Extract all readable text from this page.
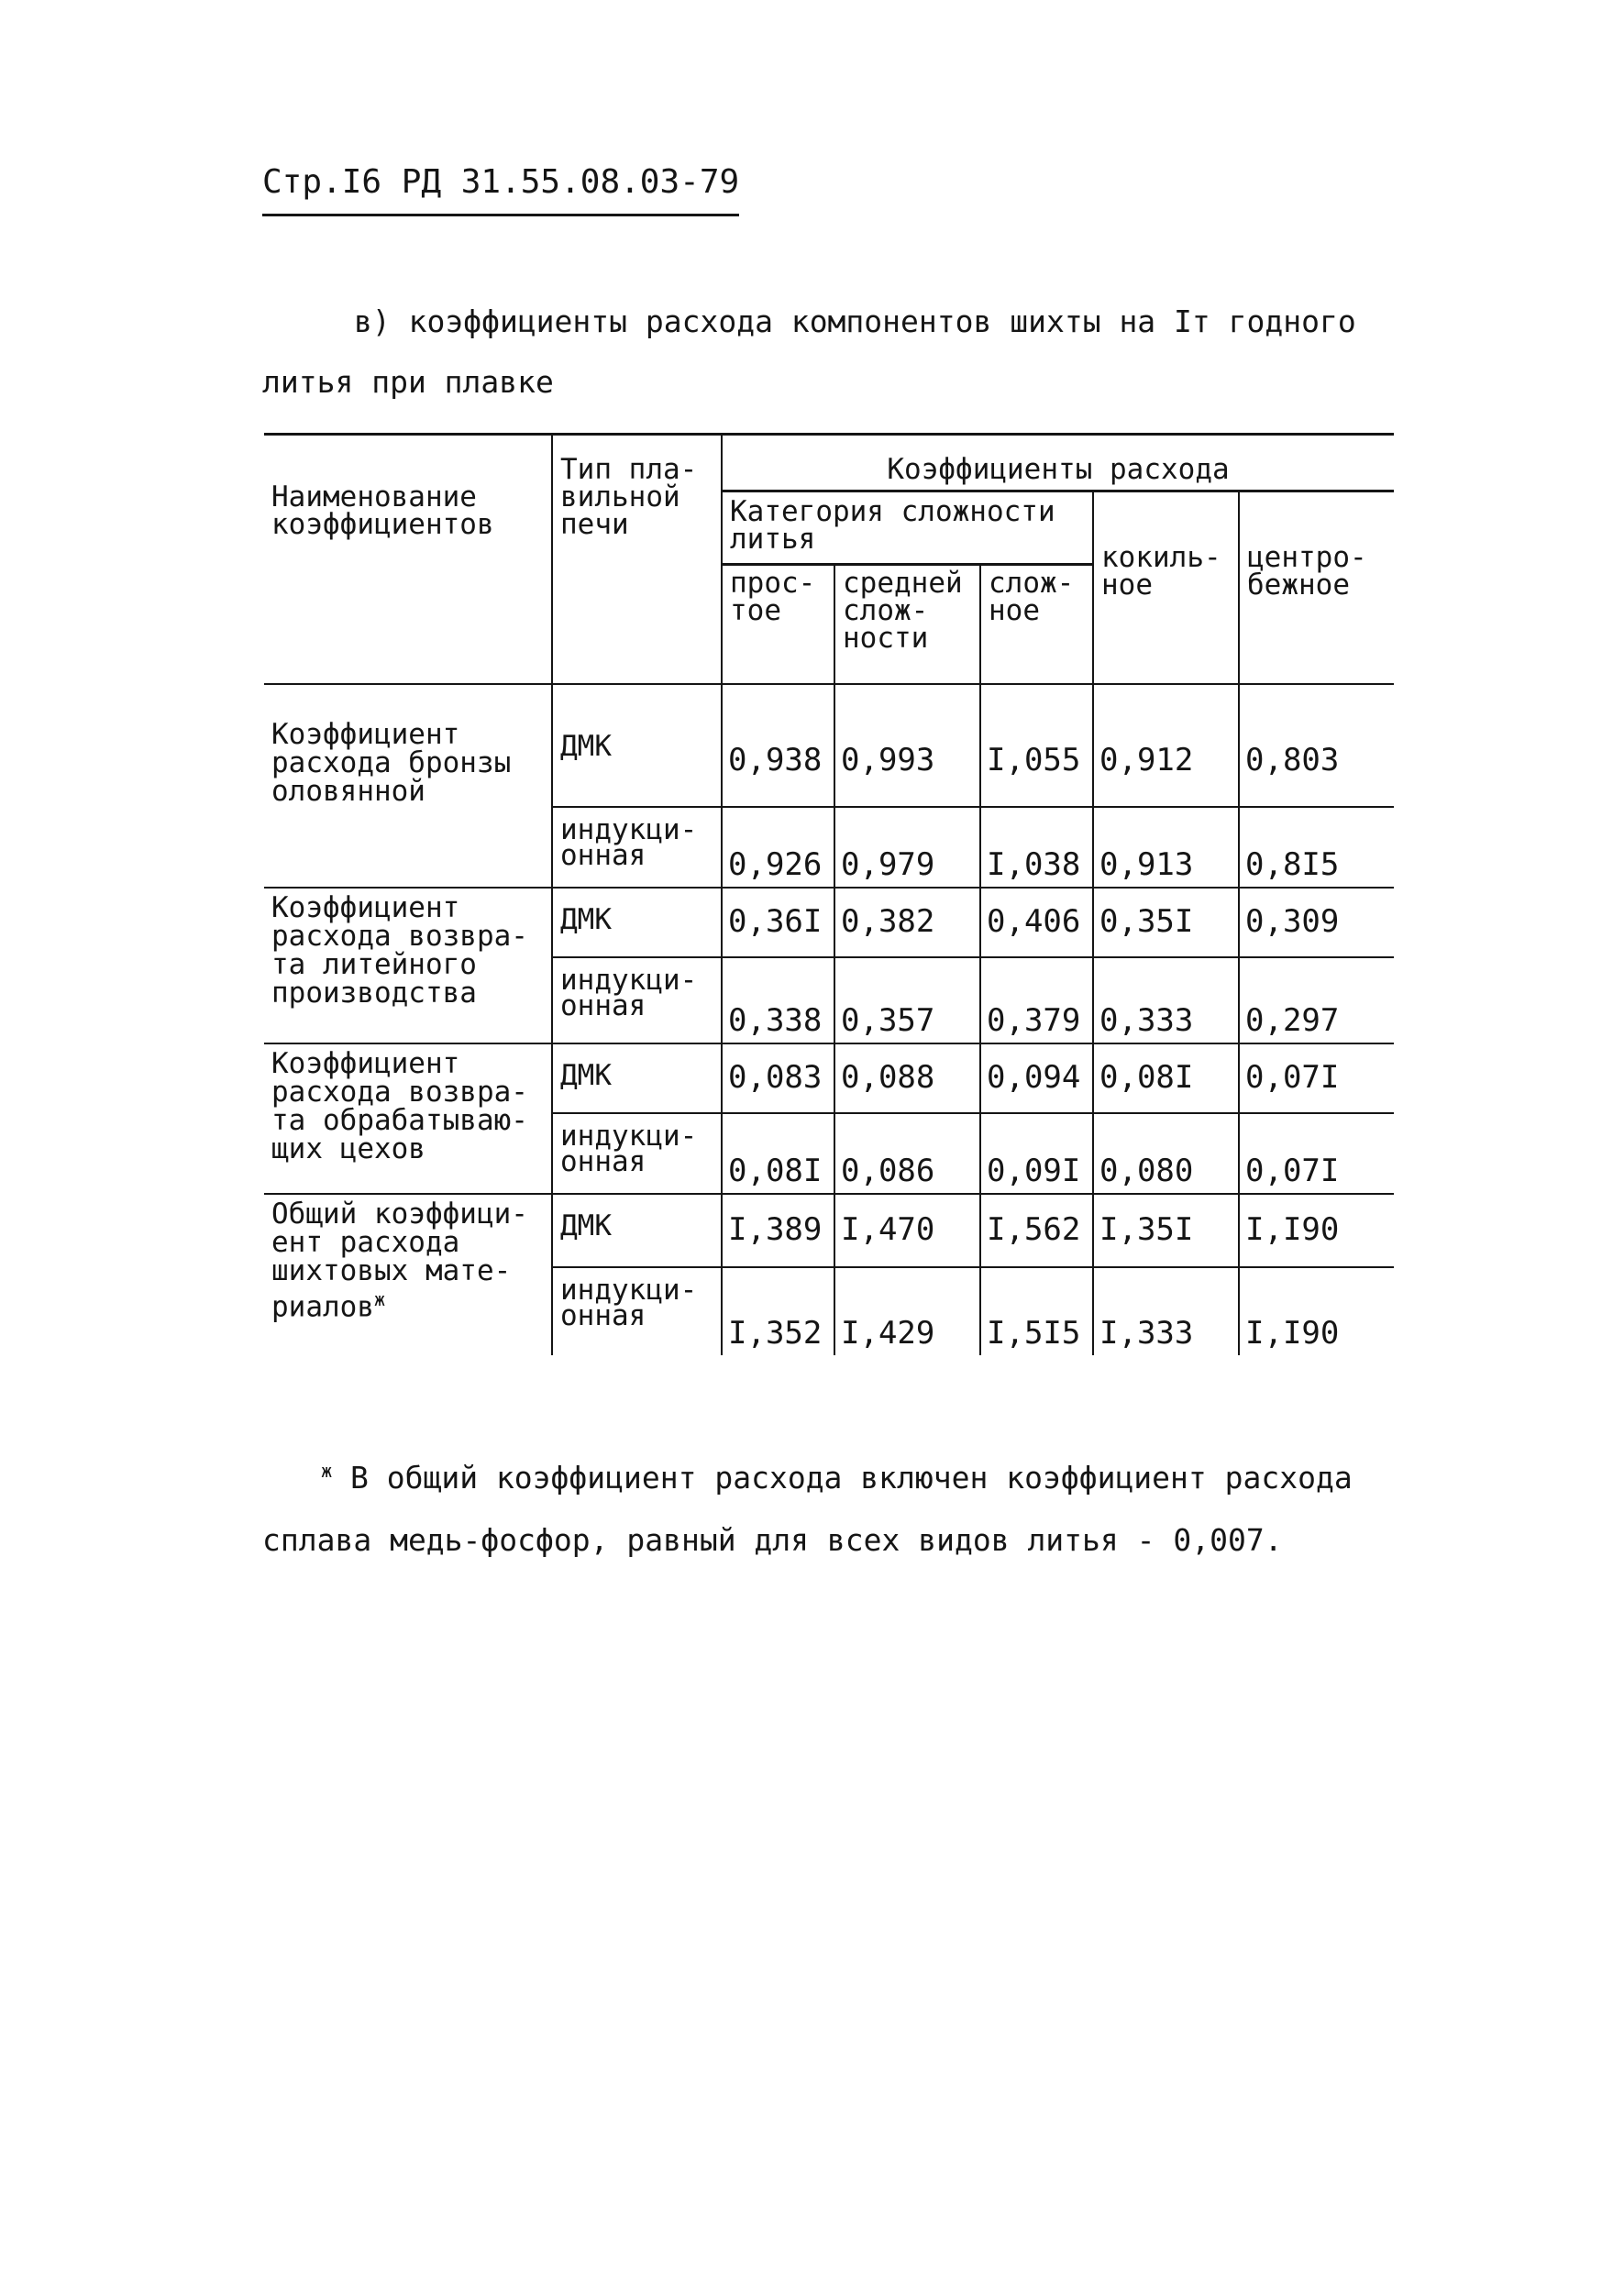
Стр.I6 РД 31.55.08.03-79
в) коэффициенты расхода компонентов шихты на Iт годного
литья при плавке
Наименование коэффициентов	Тип пла- вильной печи	Коэффициенты расхода				
		Категория сложности литья			кокиль- ное	центро- бежное
		прос- тое	средней слож- ности	слож- ное		

Коэффициент расхода бронзы оловянной	ДМК	0,938	0,993	I,055	0,912	0,803
	индукци- онная	0,926	0,979	I,038	0,913	0,8I5
Коэффициент расхода возвра- та литейного производства	ДМК	0,36I	0,382	0,406	0,35I	0,309
	индукци- онная	0,338	0,357	0,379	0,333	0,297
Коэффициент расхода возвра- та обрабатываю- щих цехов	ДМК	0,083	0,088	0,094	0,08I	0,07I
	индукци- онная	0,08I	0,086	0,09I	0,080	0,07I
Общий коэффици- ент расхода шихтовых мате- риалов$^ж$	ДМК	I,389	I,470	I,562	I,35I	I,I90
	индукци- онная	I,352	I,429	I,5I5	I,333	I,I90
$^ж$ В общий коэффициент расхода включен коэффициент расхода
сплава медь-фосфор, равный для всех видов литья - 0,007.
